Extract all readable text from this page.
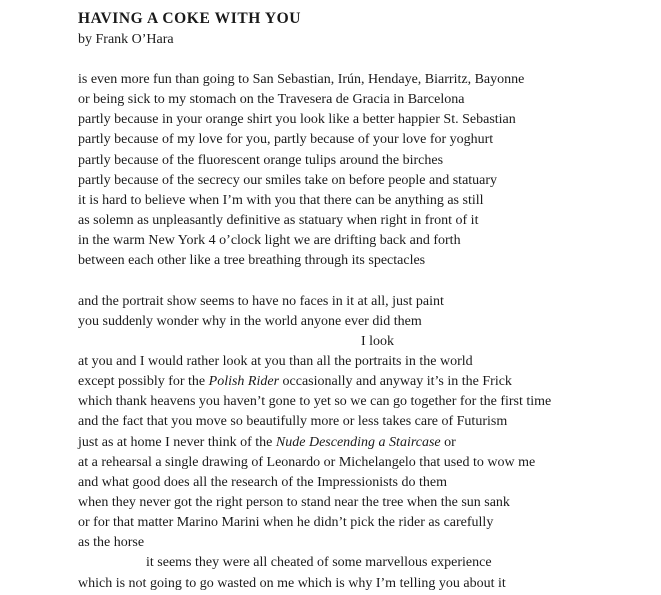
HAVING A COKE WITH YOU

by Frank O’Hara

is even more fun than going to San Sebastian, Irún, Hendaye, Biarritz, Bayonne

or being sick to my stomach on the Travesera de Gracia in Barcelona

partly because in your orange shirt you look like a better happier St. Sebastian

partly because of my love for you, partly because of your love for yoghurt

partly because of the fluorescent orange tulips around the birches

partly because of the secrecy our smiles take on before people and statuary

it is hard to believe when I’m with you that there can be anything as still

as solemn as unpleasantly definitive as statuary when right in front of it

in the warm New York 4 o’clock light we are drifting back and forth

between each other like a tree breathing through its spectacles

and the portrait show seems to have no faces in it at all, just paint

you suddenly wonder why in the world anyone ever did them

I look

at you and I would rather look at you than all the portraits in the world

except possibly for the Polish Rider occasionally and anyway it’s in the Frick

which thank heavens you haven’t gone to yet so we can go together for the first time

and the fact that you move so beautifully more or less takes care of Futurism

just as at home I never think of the Nude Descending a Staircase or

at a rehearsal a single drawing of Leonardo or Michelangelo that used to wow me

and what good does all the research of the Impressionists do them

when they never got the right person to stand near the tree when the sun sank

or for that matter Marino Marini when he didn’t pick the rider as carefully

as the horse

it seems they were all cheated of some marvellous experience

which is not going to go wasted on me which is why I’m telling you about it
